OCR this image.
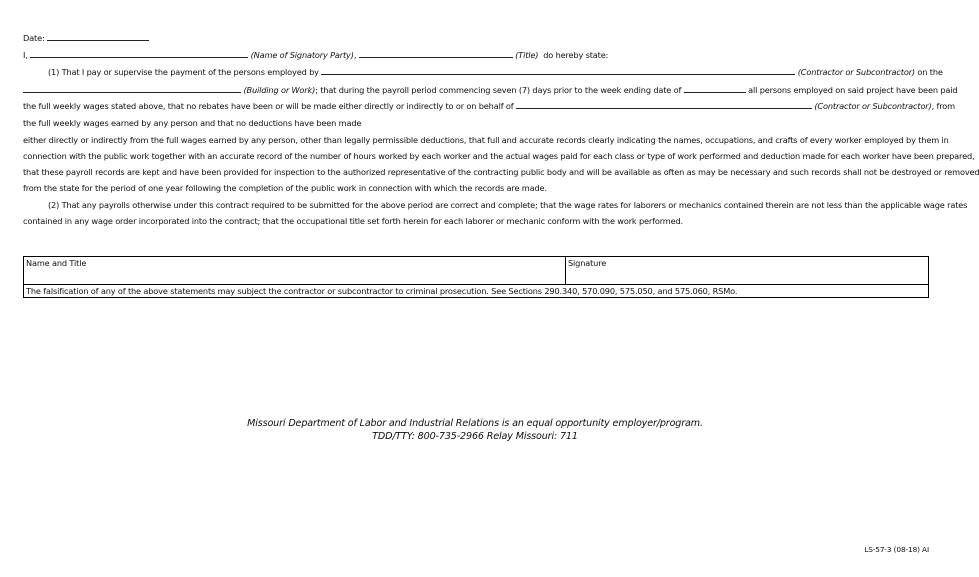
Date:
I,	(Name of Signatory Party),	(Title) do hereby state:
(1) That I pay or supervise the payment of the persons employed by	(Contractor or Subcontractor) on the
(Building or Work); that during the payroll period commencing seven (7) days prior to the week ending date of	all persons employed on said project have been paid
the full weekly wages stated above, that no rebates have been or will be made either directly or indirectly to or on behalf of	(Contractor or Subcontractor), from
the full weekly wages earned by any person and that no deductions have been made
either directly or indirectly from the full wages earned by any person, other than legally permissible deductions, that full and accurate records clearly indicating the names, occupations, and crafts of every worker employed by them in
connection with the public work together with an accurate record of the number of hours worked by each worker and the actual wages paid for each class or type of work performed and deduction made for each worker have been prepared,
that these payroll records are kept and have been provided for inspection to the authorized representative of the contracting public body and will be available as often as may be necessary and such records shall not be destroyed or removed
from the state for the period of one year following the completion of the public work in connection with which the records are made.
(2) That any payrolls otherwise under this contract required to be submitted for the above period are correct and complete; that the wage rates for laborers or mechanics contained therein are not less than the applicable wage rates
contained in any wage order incorporated into the contract; that the occupational title set forth herein for each laborer or mechanic conform with the work performed.
Name and Title	Signature
The falsification of any of the above statements may subject the contractor or subcontractor to criminal prosecution. See Sections 290.340, 570.090, 575.050, and 575.060, RSMo.
Missouri Department of Labor and Industrial Relations is an equal opportunity employer/program.
TDD/TTY: 800-735-2966 Relay Missouri: 711
LS-57-3 (08-18) AI
